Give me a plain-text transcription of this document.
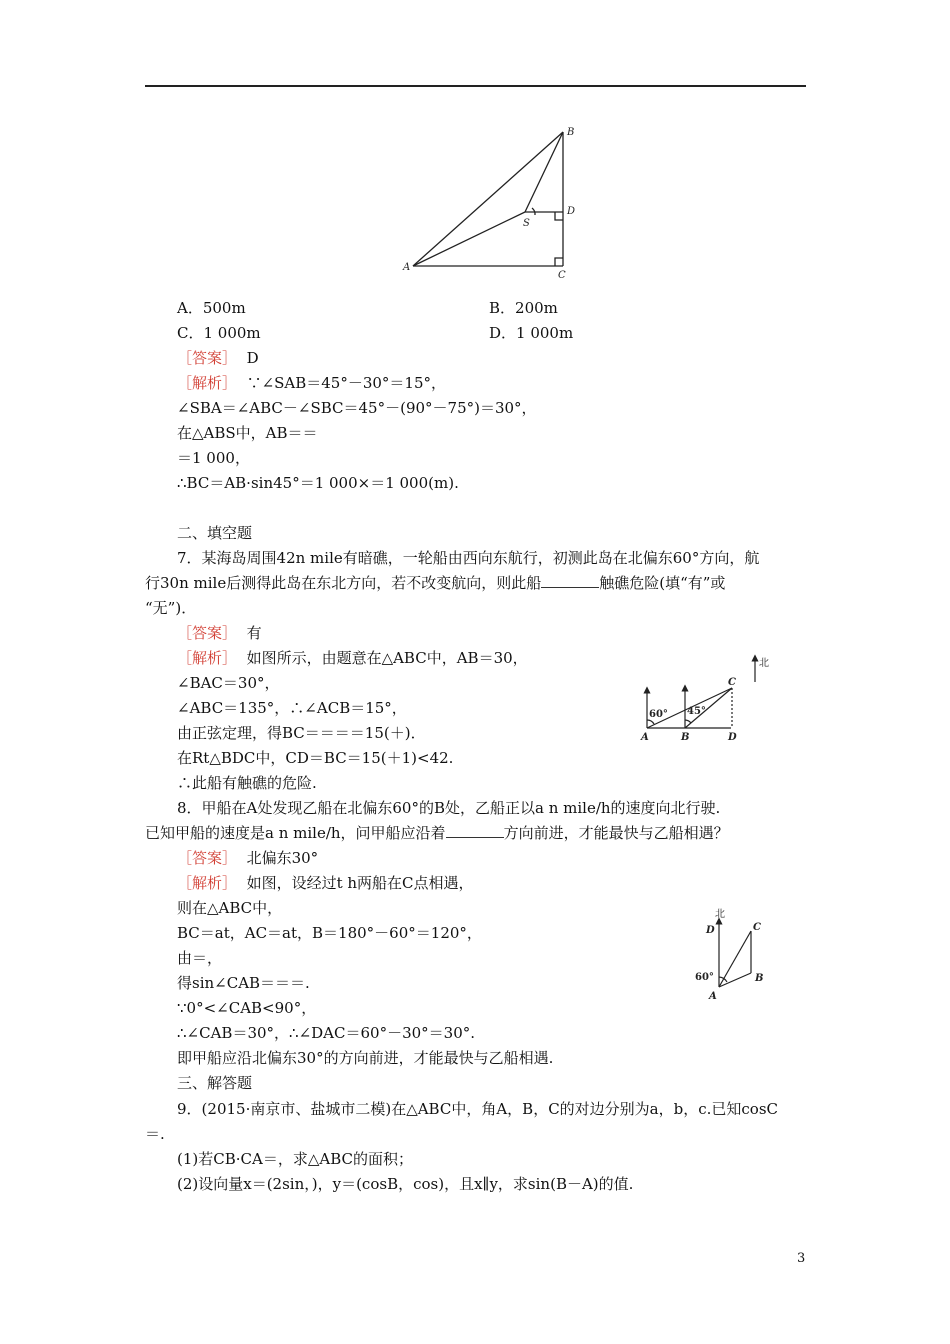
B
D
S
A
C
A．500m	B．200m
C．1 000m	D．1 000m
［答案］ D
［解析］ ∵∠SAB＝45°－30°＝15°，
∠SBA＝∠ABC－∠SBC＝45°－(90°－75°)＝30°，
在△ABS中，AB＝＝
＝1 000，
∴BC＝AB·sin45°＝1 000×＝1 000(m).
二、填空题
7．某海岛周围42n mile有暗礁，一轮船由西向东航行，初测此岛在北偏东60°方向，航
行30n mile后测得此岛在东北方向，若不改变航向，则此船	触礁危险(填“有”或
“无”)．
［答案］ 有
［解析］ 如图所示，由题意在△ABC中，AB＝30，
∠BAC＝30°，
∠ABC＝135°，∴∠ACB＝15°，
由正弦定理，得BC＝＝＝＝15(＋)．
在Rt△BDC中，CD＝BC＝15(＋1)<42.
∴此船有触礁的危险.
北
C
60° 45°
A	B	D
8．甲船在A处发现乙船在北偏东60°的B处，乙船正以a n mile/h的速度向北行驶.
已知甲船的速度是a n mile/h，问甲船应沿着	方向前进，才能最快与乙船相遇？
［答案］ 北偏东30°
［解析］ 如图，设经过t h两船在C点相遇，
则在△ABC中，
BC＝at，AC＝at，B＝180°－60°＝120°，
由＝，
得sin∠CAB＝＝＝.
∵0°<∠CAB<90°，
∴∠CAB＝30°，∴∠DAC＝60°－30°＝30°.
即甲船应沿北偏东30°的方向前进，才能最快与乙船相遇.
北
D	C
B
60°
A
三、解答题
9．(2015·南京市、盐城市二模)在△ABC中，角A，B，C的对边分别为a，b，c.已知cosC
＝.
(1)若CB·CA＝，求△ABC的面积；
(2)设向量x＝(2sin，)，y＝(cosB，cos)，且x∥y，求sin(B－A)的值.
3
